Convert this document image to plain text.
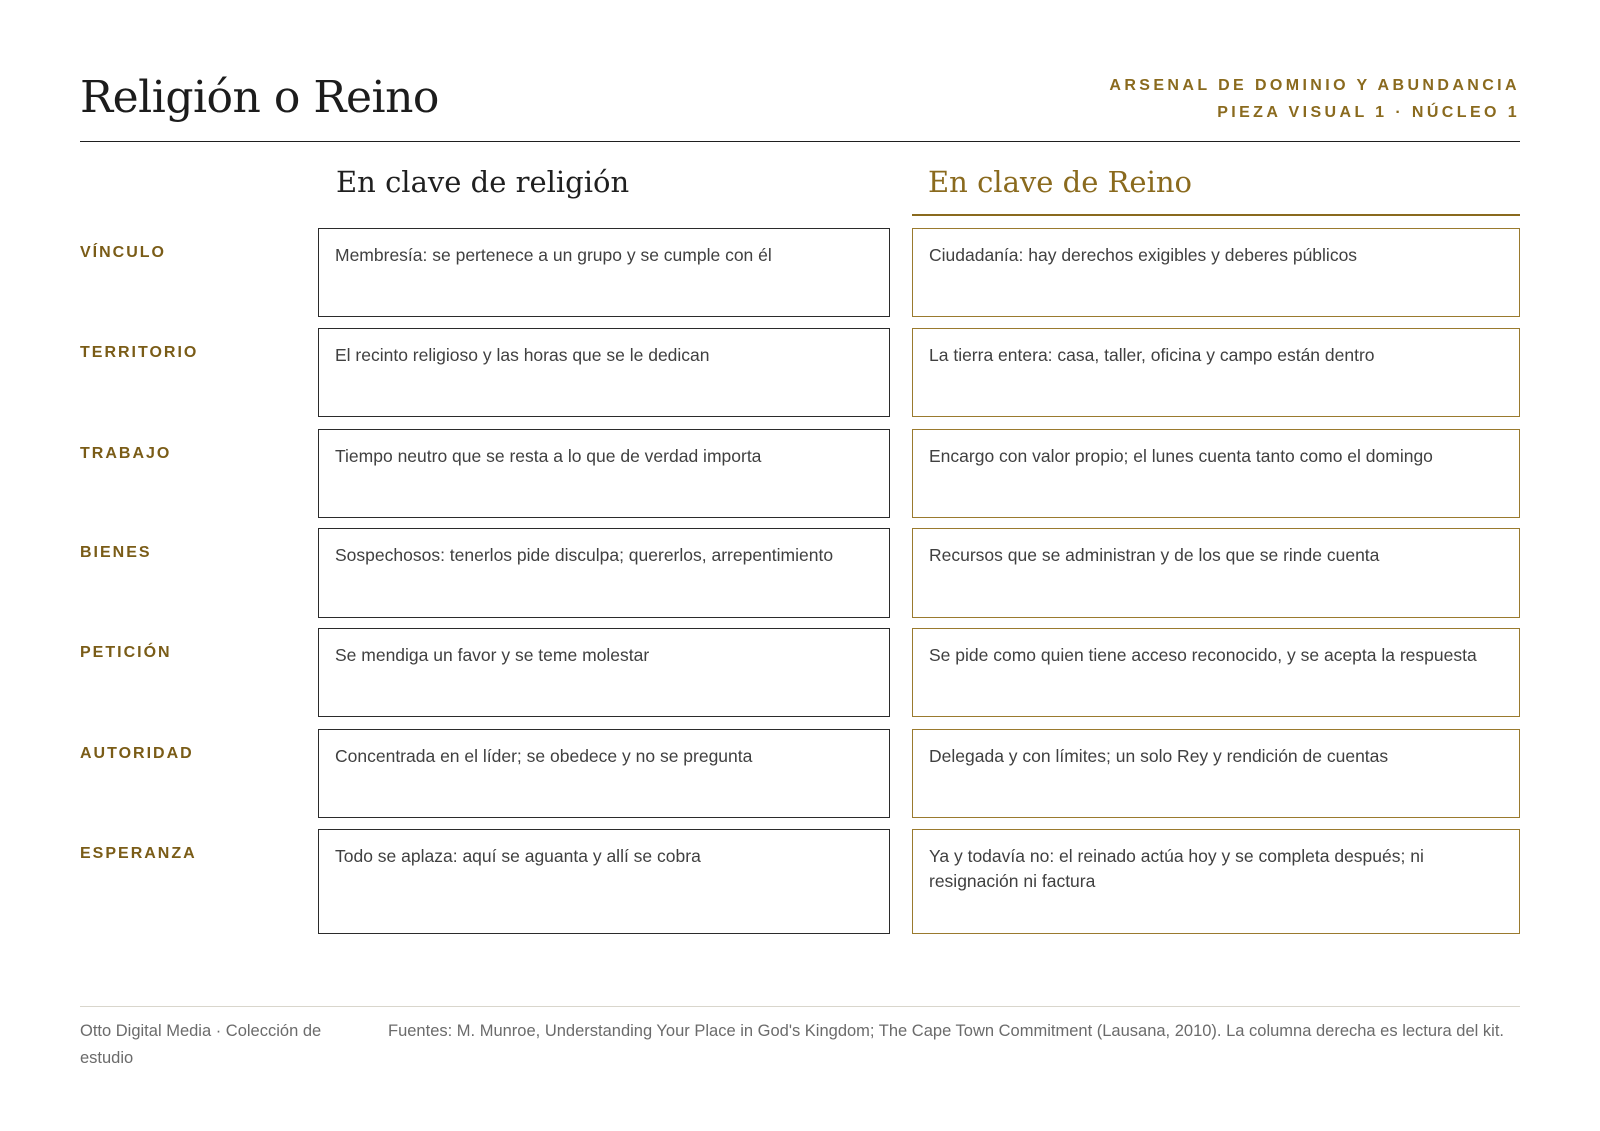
Religión o Reino	ARSENAL DE DOMINIO Y ABUNDANCIA
PIEZA VISUAL 1 · NÚCLEO 1
En clave de religión	En clave de Reino
VÍNCULO	Membresía: se pertenece a un grupo y se cumple con él	Ciudadanía: hay derechos exigibles y deberes públicos
TERRITORIO	El recinto religioso y las horas que se le dedican	La tierra entera: casa, taller, oficina y campo están dentro
TRABAJO	Tiempo neutro que se resta a lo que de verdad importa	Encargo con valor propio; el lunes cuenta tanto como el domingo
BIENES	Sospechosos: tenerlos pide disculpa; quererlos, arrepentimiento	Recursos que se administran y de los que se rinde cuenta
PETICIÓN	Se mendiga un favor y se teme molestar	Se pide como quien tiene acceso reconocido, y se acepta la respuesta
AUTORIDAD	Concentrada en el líder; se obedece y no se pregunta	Delegada y con límites; un solo Rey y rendición de cuentas
ESPERANZA	Todo se aplaza: aquí se aguanta y allí se cobra	Ya y todavía no: el reinado actúa hoy y se completa después; ni resignación ni factura
Otto Digital Media · Colección de estudio
Fuentes: M. Munroe, Understanding Your Place in God's Kingdom; The Cape Town Commitment (Lausana, 2010). La columna derecha es lectura del kit.
